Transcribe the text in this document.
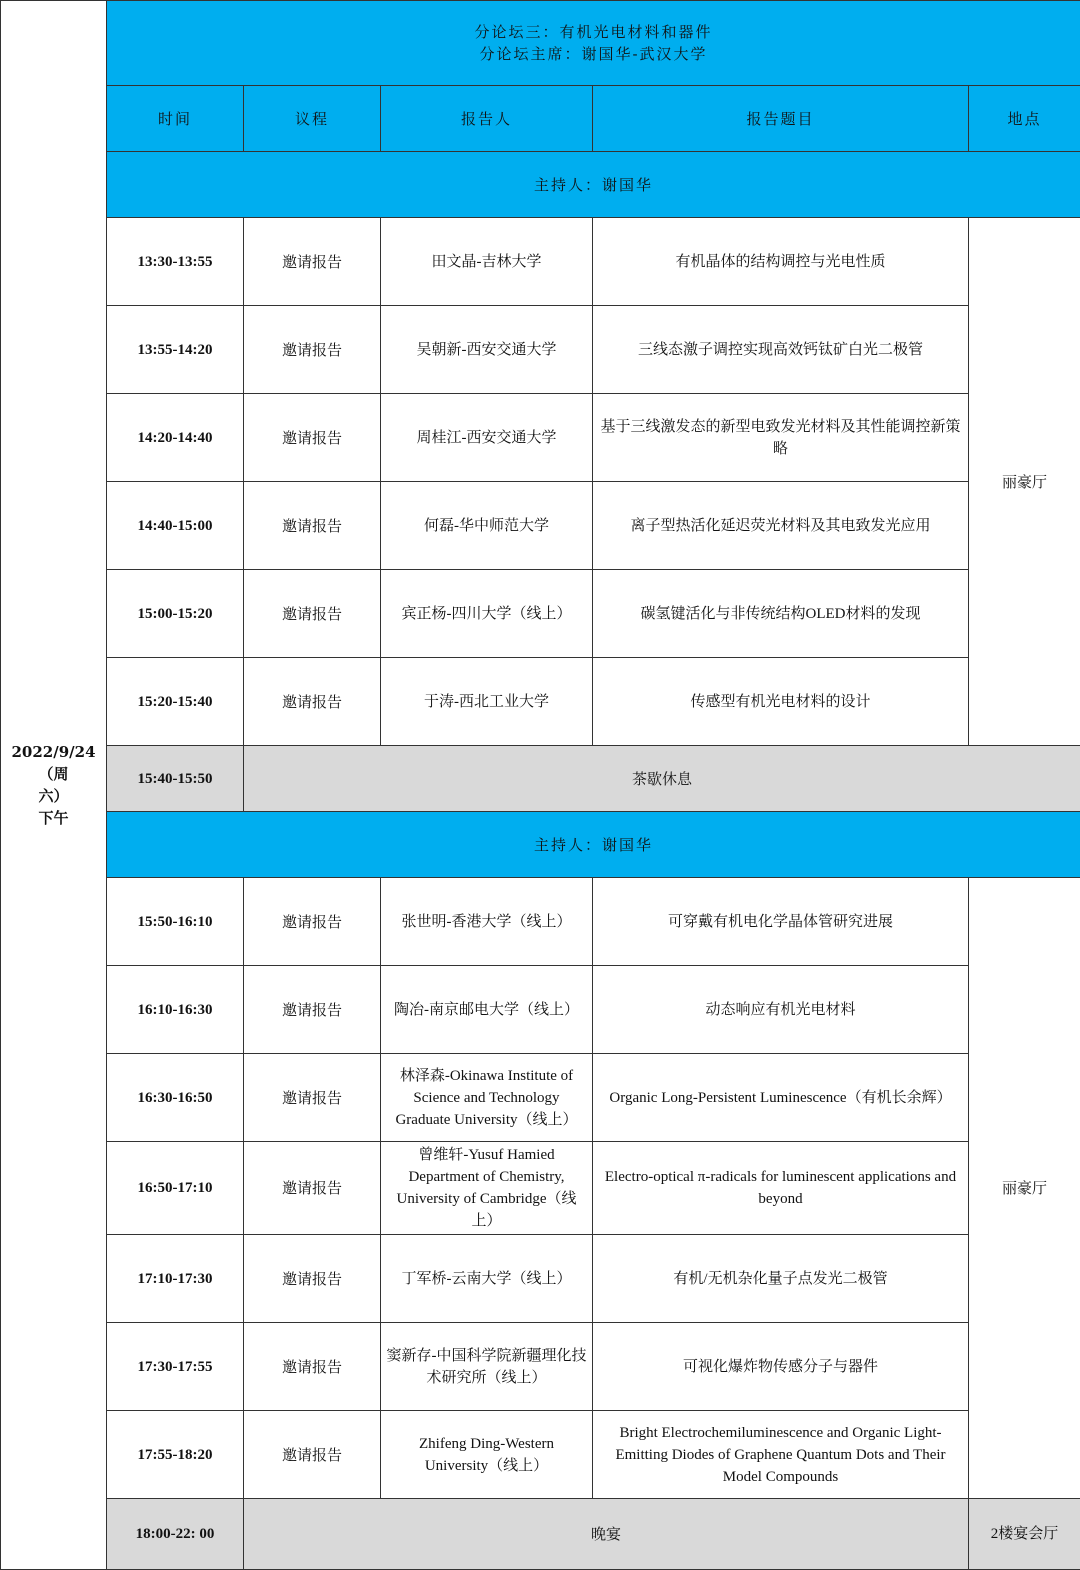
2022/9/24（周
六）
下午	分论坛三：有机光电材料和器件
分论坛主席：谢国华-武汉大学				

	时间	议程	报告人	报告题目	地点
	主持人：谢国华				
	13:30-13:55	邀请报告	田文晶-吉林大学	有机晶体的结构调控与光电性质	丽豪厅
	13:55-14:20	邀请报告	吴朝新-西安交通大学	三线态激子调控实现高效钙钛矿白光二极管	
	14:20-14:40	邀请报告	周桂江-西安交通大学	基于三线激发态的新型电致发光材料及其性能调控新策略	
	14:40-15:00	邀请报告	何磊-华中师范大学	离子型热活化延迟荧光材料及其电致发光应用	
	15:00-15:20	邀请报告	宾正杨-四川大学（线上）	碳氢键活化与非传统结构OLED材料的发现	
	15:20-15:40	邀请报告	于涛-西北工业大学	传感型有机光电材料的设计	
	15:40-15:50	茶歇休息			
	主持人：谢国华				
	15:50-16:10	邀请报告	张世明-香港大学（线上）	可穿戴有机电化学晶体管研究进展	丽豪厅
	16:10-16:30	邀请报告	陶冶-南京邮电大学（线上）	动态响应有机光电材料	
	16:30-16:50	邀请报告	林泽森-Okinawa Institute of Science and Technology Graduate University（线上）	Organic Long-Persistent Luminescence（有机长余辉）	
	16:50-17:10	邀请报告	曾维轩-Yusuf Hamied Department of Chemistry, University of Cambridge（线上）	Electro-optical π-radicals for luminescent applications and beyond	
	17:10-17:30	邀请报告	丁军桥-云南大学（线上）	有机/无机杂化量子点发光二极管	
	17:30-17:55	邀请报告	窦新存-中国科学院新疆理化技术研究所（线上）	可视化爆炸物传感分子与器件	
	17:55-18:20	邀请报告	Zhifeng Ding-Western University（线上）	Bright Electrochemiluminescence and Organic Light-Emitting Diodes of Graphene Quantum Dots and Their Model Compounds	
	18:00-22: 00	晚宴			2楼宴会厅
